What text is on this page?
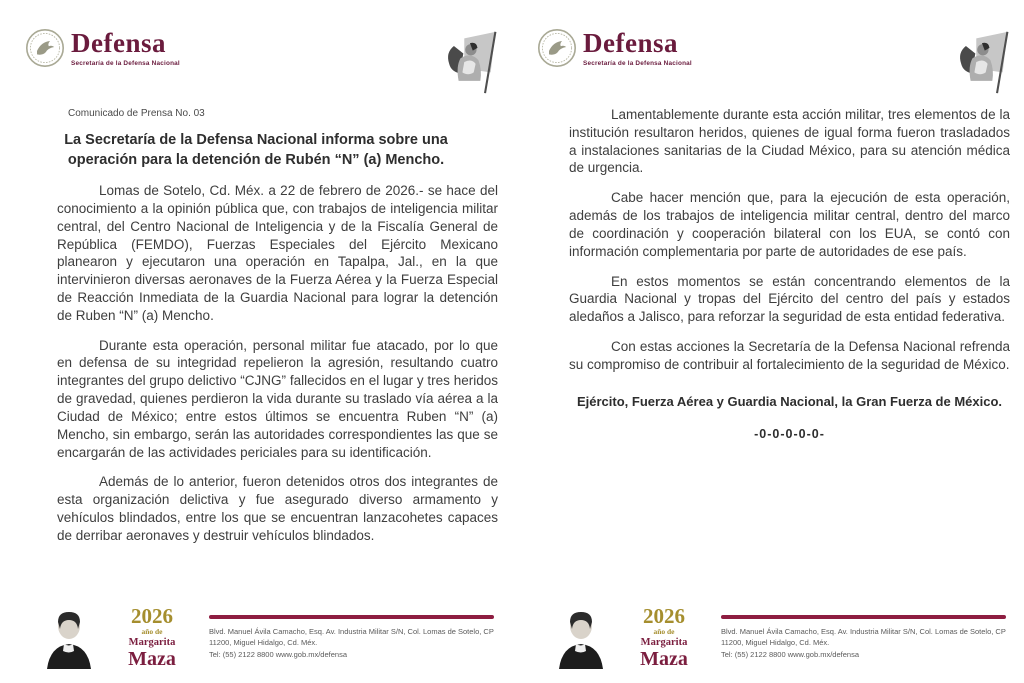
Defensa
Secretaría de la Defensa Nacional
Comunicado de Prensa No. 03
La Secretaría de la Defensa Nacional informa sobre una operación para la detención de Rubén “N” (a) Mencho.

Lomas de Sotelo, Cd. Méx. a 22 de febrero de 2026.- se hace del conocimiento a la opinión pública que, con trabajos de inteligencia militar central, del Centro Nacional de Inteligencia y de la Fiscalía General de República (FEMDO), Fuerzas Especiales del Ejército Mexicano planearon y ejecutaron una operación en Tapalpa, Jal., en la que intervinieron diversas aeronaves de la Fuerza Aérea y la Fuerza Especial de Reacción Inmediata de la Guardia Nacional para lograr la detención de Ruben “N” (a) Mencho.

Durante esta operación, personal militar fue atacado, por lo que en defensa de su integridad repelieron la agresión, resultando cuatro integrantes del grupo delictivo “CJNG” fallecidos en el lugar y tres heridos de gravedad, quienes perdieron la vida durante su traslado vía aérea a la Ciudad de México; entre estos últimos se encuentra Ruben “N” (a) Mencho, sin embargo, serán las autoridades correspondientes las que se encargarán de las actividades periciales para su identificación.

Además de lo anterior, fueron detenidos otros dos integrantes de esta organización delictiva y fue asegurado diverso armamento y vehículos blindados, entre los que se encuentran lanzacohetes capaces de derribar aeronaves y destruir vehículos blindados.

2026
año de
Margarita
Maza

Blvd. Manuel Ávila Camacho, Esq. Av. Industria Militar S/N, Col. Lomas de Sotelo, CP 11200, Miguel Hidalgo, Cd. Méx.
Tel: (55) 2122 8800 www.gob.mx/defensa

Defensa
Secretaría de la Defensa Nacional

Lamentablemente durante esta acción militar, tres elementos de la institución resultaron heridos, quienes de igual forma fueron trasladados a instalaciones sanitarias de la Ciudad México, para su atención médica de urgencia.

Cabe hacer mención que, para la ejecución de esta operación, además de los trabajos de inteligencia militar central, dentro del marco de coordinación y cooperación bilateral con los EUA, se contó con información complementaria por parte de autoridades de ese país.

En estos momentos se están concentrando elementos de la Guardia Nacional y tropas del Ejército del centro del país y estados aledaños a Jalisco, para reforzar la seguridad de esta entidad federativa.

Con estas acciones la Secretaría de la Defensa Nacional refrenda su compromiso de contribuir al fortalecimiento de la seguridad de México.

Ejército, Fuerza Aérea y Guardia Nacional, la Gran Fuerza de México.

-0-0-0-0-0-

2026
año de
Margarita
Maza

Blvd. Manuel Ávila Camacho, Esq. Av. Industria Militar S/N, Col. Lomas de Sotelo, CP 11200, Miguel Hidalgo, Cd. Méx.
Tel: (55) 2122 8800 www.gob.mx/defensa
